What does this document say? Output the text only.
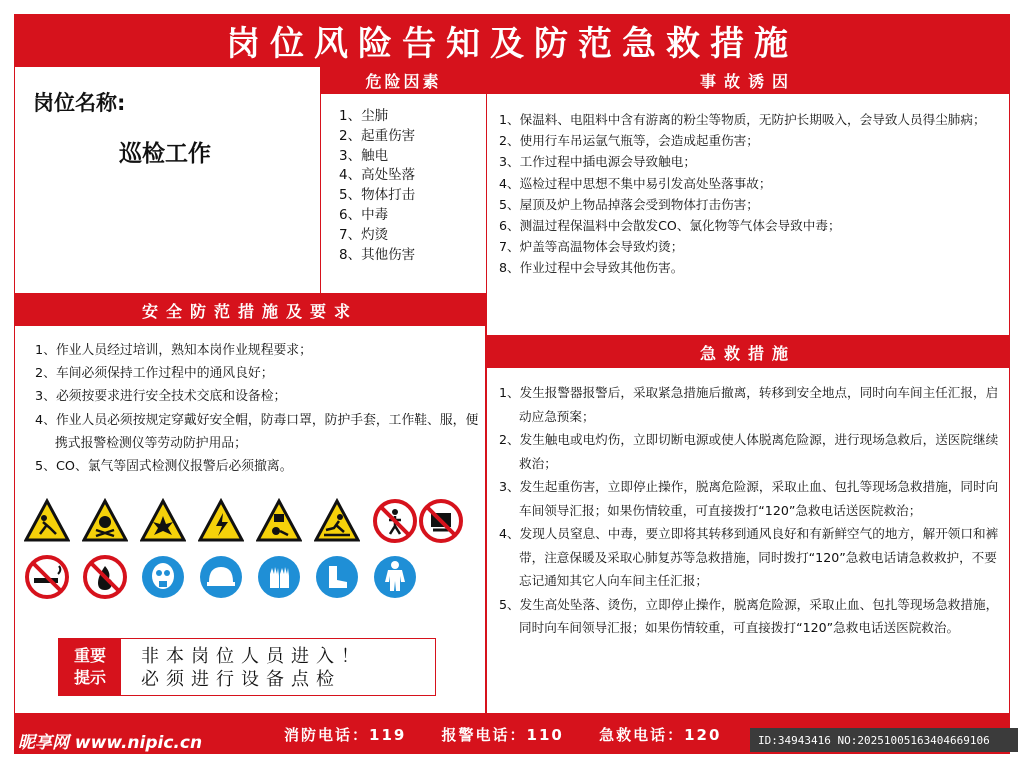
岗位风险告知及防范急救措施
岗位名称:
巡检工作
1、尘肺
2、起重伤害
3、触电
4、高处坠落
5、物体打击
6、中毒
7、灼烫
8、其他伤害
危险因素
1、保温料、电阻料中含有游离的粉尘等物质，无防护长期吸入，会导致人员得尘肺病；
2、使用行车吊运氩气瓶等，会造成起重伤害；
3、工作过程中插电源会导致触电；
4、巡检过程中思想不集中易引发高处坠落事故；
5、屋顶及炉上物品掉落会受到物体打击伤害；
6、测温过程保温料中会散发CO、氯化物等气体会导致中毒；
7、炉盖等高温物体会导致灼烫；
8、作业过程中会导致其他伤害。
事故诱因
1、作业人员经过培训，熟知本岗作业规程要求；
2、车间必须保持工作过程中的通风良好；
3、必须按要求进行安全技术交底和设备检；
4、作业人员必须按规定穿戴好安全帽，防毒口罩，防护手套，工作鞋、服，便携式报警检测仪等劳动防护用品；
5、CO、氯气等固式检测仪报警后必须撤离。
安全防范措施及要求
1、发生报警器报警后，采取紧急措施后撤离，转移到安全地点，同时向车间主任汇报，启动应急预案；
2、发生触电或电灼伤，立即切断电源或使人体脱离危险源，进行现场急救后，送医院继续救治；
3、发生起重伤害，立即停止操作，脱离危险源，采取止血、包扎等现场急救措施，同时向车间领导汇报；如果伤情较重，可直接拨打“120”急救电话送医院救治；
4、发现人员窒息、中毒，要立即将其转移到通风良好和有新鲜空气的地方，解开领口和裤带，注意保暖及采取心肺复苏等急救措施，同时拨打“120”急救电话请急救救护，不要忘记通知其它人向车间主任汇报；
5、发生高处坠落、烫伤，立即停止操作，脱离危险源，采取止血、包扎等现场急救措施，同时向车间领导汇报；如果伤情较重，可直接拨打“120”急救电话送医院救治。
急救措施
重要
提示
非本岗位人员进入！
必须进行设备点检
昵享网 www.nipic.cn	消防电话：119 报警电话：110 急救电话：120	ID:34943416 NO:20251005163404669106
